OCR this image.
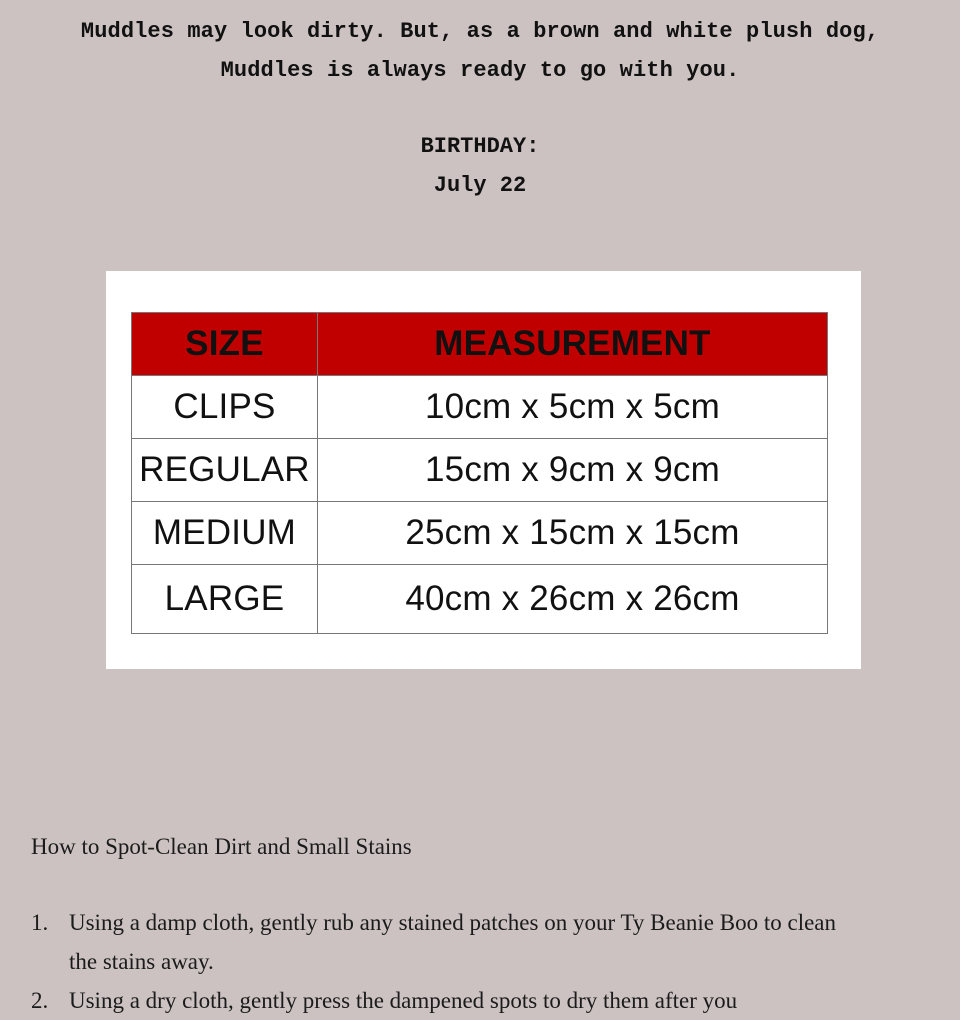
Muddles may look dirty. But, as a brown and white plush dog,
Muddles is always ready to go with you.
BIRTHDAY:
July 22
SIZE	MEASUREMENT
CLIPS	10cm x 5cm x 5cm
REGULAR	15cm x 9cm x 9cm
MEDIUM	25cm x 15cm x 15cm
LARGE	40cm x 26cm x 26cm
How to Spot-Clean Dirt and Small Stains
1. Using a damp cloth, gently rub any stained patches on your Ty Beanie Boo to clean the stains away.
2. Using a dry cloth, gently press the dampened spots to dry them after you
